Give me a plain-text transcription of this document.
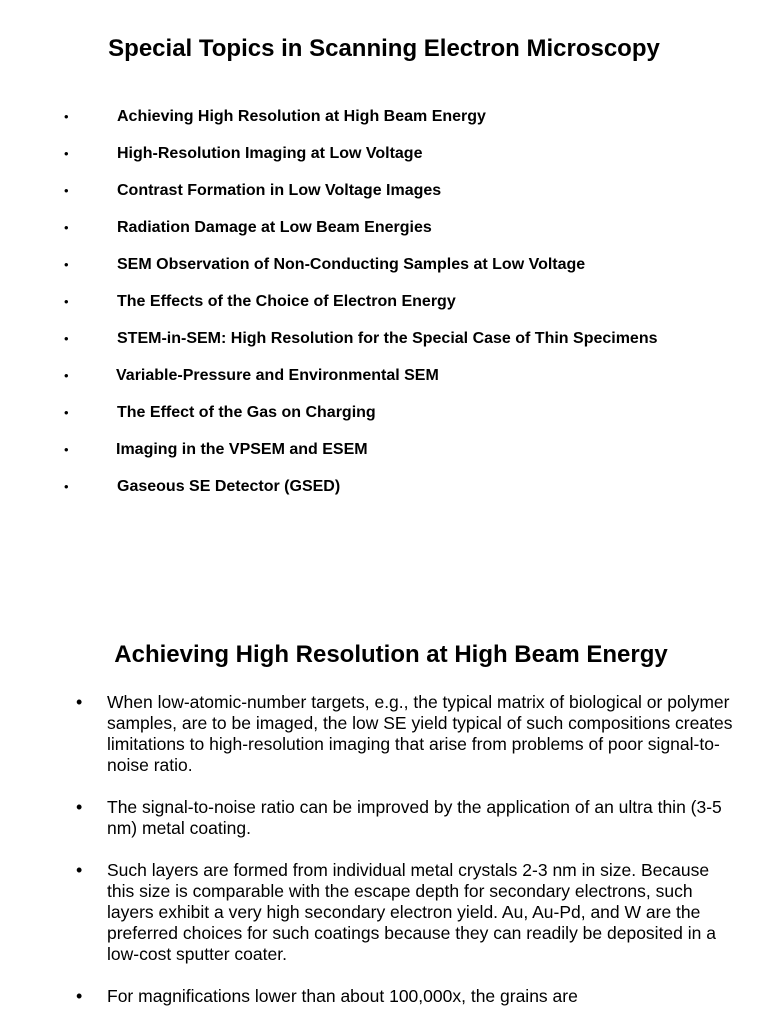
Special Topics in Scanning Electron Microscopy
•	Achieving High Resolution at High Beam Energy
•	High-Resolution Imaging at Low Voltage
•	Contrast Formation in Low Voltage Images
•	Radiation Damage at Low Beam Energies
•	SEM Observation of Non-Conducting Samples at Low Voltage
•	The Effects of the Choice of Electron Energy
•	STEM-in-SEM: High Resolution for the Special Case of Thin Specimens
•	Variable-Pressure and Environmental SEM
•	The Effect of the Gas on Charging
•	Imaging in the VPSEM and ESEM
•	Gaseous SE Detector (GSED)
Achieving High Resolution at High Beam Energy
• When low-atomic-number targets, e.g., the typical matrix of biological or polymer samples, are to be imaged, the low SE yield typical of such compositions creates limitations to high-resolution imaging that arise from problems of poor signal-to-noise ratio.
• The signal-to-noise ratio can be improved by the application of an ultra thin (3-5 nm) metal coating.
• Such layers are formed from individual metal crystals 2-3 nm in size. Because this size is comparable with the escape depth for secondary electrons, such layers exhibit a very high secondary electron yield. Au, Au-Pd, and W are the preferred choices for such coatings because they can readily be deposited in a low-cost sputter coater.
• For magnifications lower than about 100,000x, the grains are
